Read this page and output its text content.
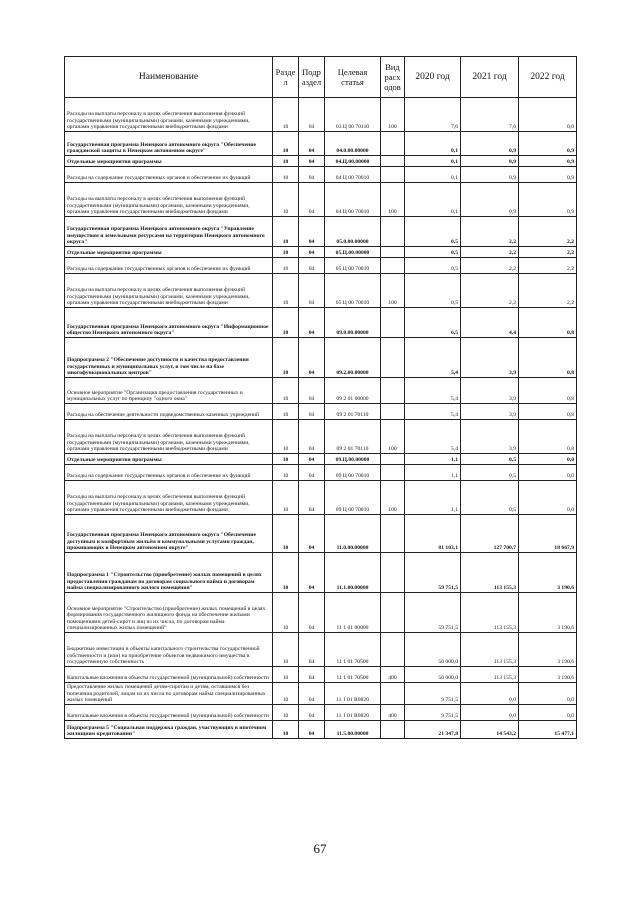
Наименование	Разде л	Подр аздел	Целевая статья	Вид расх одов	2020 год	2021 год	2022 год
Расходы на выплаты персоналу в целях обеспечения выполнения функций государственными (муниципальными) органами, казенными учреждениями, органами управления государственными внебюджетными фондами	10	04	03 Ц 00 70110	100	7,6	7,6	0,0
Государственная программа Ненецкого автономного округа "Обеспечение гражданской защиты в Ненецком автономном округе"	10	04	04.0.00.00000		0,1	0,9	0,9
Отдельные мероприятия программы	10	04	04.Ц.00.00000		0,1	0,9	0,9
Расходы на содержание государственных органов и обеспечение их функций	10	04	04 Ц 00 70010		0,1	0,9	0,9
Расходы на выплаты персоналу в целях обеспечения выполнения функций государственными (муниципальными) органами, казенными учреждениями, органами управления государственными внебюджетными фондами	10	04	04 Ц 00 70010	100	0,1	0,9	0,9
Государственная программа Ненецкого автономного округа "Управление имуществом и земельными ресурсами на территории Ненецкого автономного округа"	10	04	05.0.00.00000		0,5	2,2	2,2
Отдельные мероприятия программы	10	04	05.Ц.00.00000		0,5	2,2	2,2
Расходы на содержание государственных органов и обеспечение их функций	10	04	05 Ц 00 70010		0,5	2,2	2,2
Расходы на выплаты персоналу в целях обеспечения выполнения функций государственными (муниципальными) органами, казенными учреждениями, органами управления государственными внебюджетными фондами	10	04	05 Ц 00 70010	100	0,5	2,2	2,2
Государственная программа Ненецкого автономного округа "Информационное общество Ненецкого автономного округа"	10	04	09.0.00.00000		6,5	4,4	0,8
Подпрограмма 2 "Обеспечение доступности и качества предоставления государственных и муниципальных услуг, в том числе на базе многофункциональных центров"	10	04	09.2.00.00000		5,4	3,9	0,8
Основное мероприятие "Организация предоставления государственных и муниципальных услуг по принципу "одного окна"	10	04	09 2 01 00000		5,4	3,9	0,8
Расходы на обеспечение деятельности подведомственных казенных учреждений	10	04	09 2 01 70110		5,4	3,9	0,8
Расходы на выплаты персоналу в целях обеспечения выполнения функций государственными (муниципальными) органами, казенными учреждениями, органами управления государственными внебюджетными фондами	10	04	09 2 01 70110	100	5,4	3,9	0,8
Отдельные мероприятия программы	10	04	09.Ц.00.00000		1,1	0,5	0,0
Расходы на содержание государственных органов и обеспечение их функций	10	04	09 Ц 00 70010		1,1	0,5	0,0
Расходы на выплаты персоналу в целях обеспечения выполнения функций государственными (муниципальными) органами, казенными учреждениями, органами управления государственными внебюджетными фондами	10	04	09 Ц 00 70010	100	1,1	0,5	0,0
Государственная программа Ненецкого автономного округа "Обеспечение доступным и комфортным жильём и коммунальными услугами граждан, проживающих в Ненецком автономном округе"	10	04	11.0.00.00000		81 103,1	127 700,7	18 667,9
Подпрограмма 1 "Строительство (приобретение) жилых помещений в целях предоставления гражданам по договорам социального найма и договорам найма специализированного жилого помещения"	10	04	11.1.00.00000		59 751,5	113 155,3	3 190,6
Основное мероприятие "Строительство (приобретение) жилых помещений в целях формирования государственного жилищного фонда на обеспечение жилыми помещениями детей-сирот и лиц из их числа, по договорам найма специализированных жилых помещений"	10	04	11 1 01 00000		59 751,5	113 155,3	3 190,6
Бюджетные инвестиции в объекты капитального строительства государственной собственности и (или) на приобретение объектов недвижимого имущества в государственную собственность	10	04	11 1 01 70500		50 000,0	113 155,3	3 190,6
Капитальные вложения в объекты государственной (муниципальной) собственности	10	04	11 1 01 70500	400	50 000,0	113 155,3	3 190,6
Предоставление жилых помещений детям-сиротам и детям, оставшимся без попечения родителей, лицам из их числа по договорам найма специализированных жилых помещений	10	04	11 1 01 R0820		9 751,5	0,0	0,0
Капитальные вложения в объекты государственной (муниципальной) собственности	10	04	11 1 01 R0820	400	9 751,5	0,0	0,0
Подпрограмма 5 "Социальная поддержка граждан, участвующих в ипотечном жилищном кредитовании"	10	04	11.5.00.00000		21 347,8	14 543,2	15 477,1
67
